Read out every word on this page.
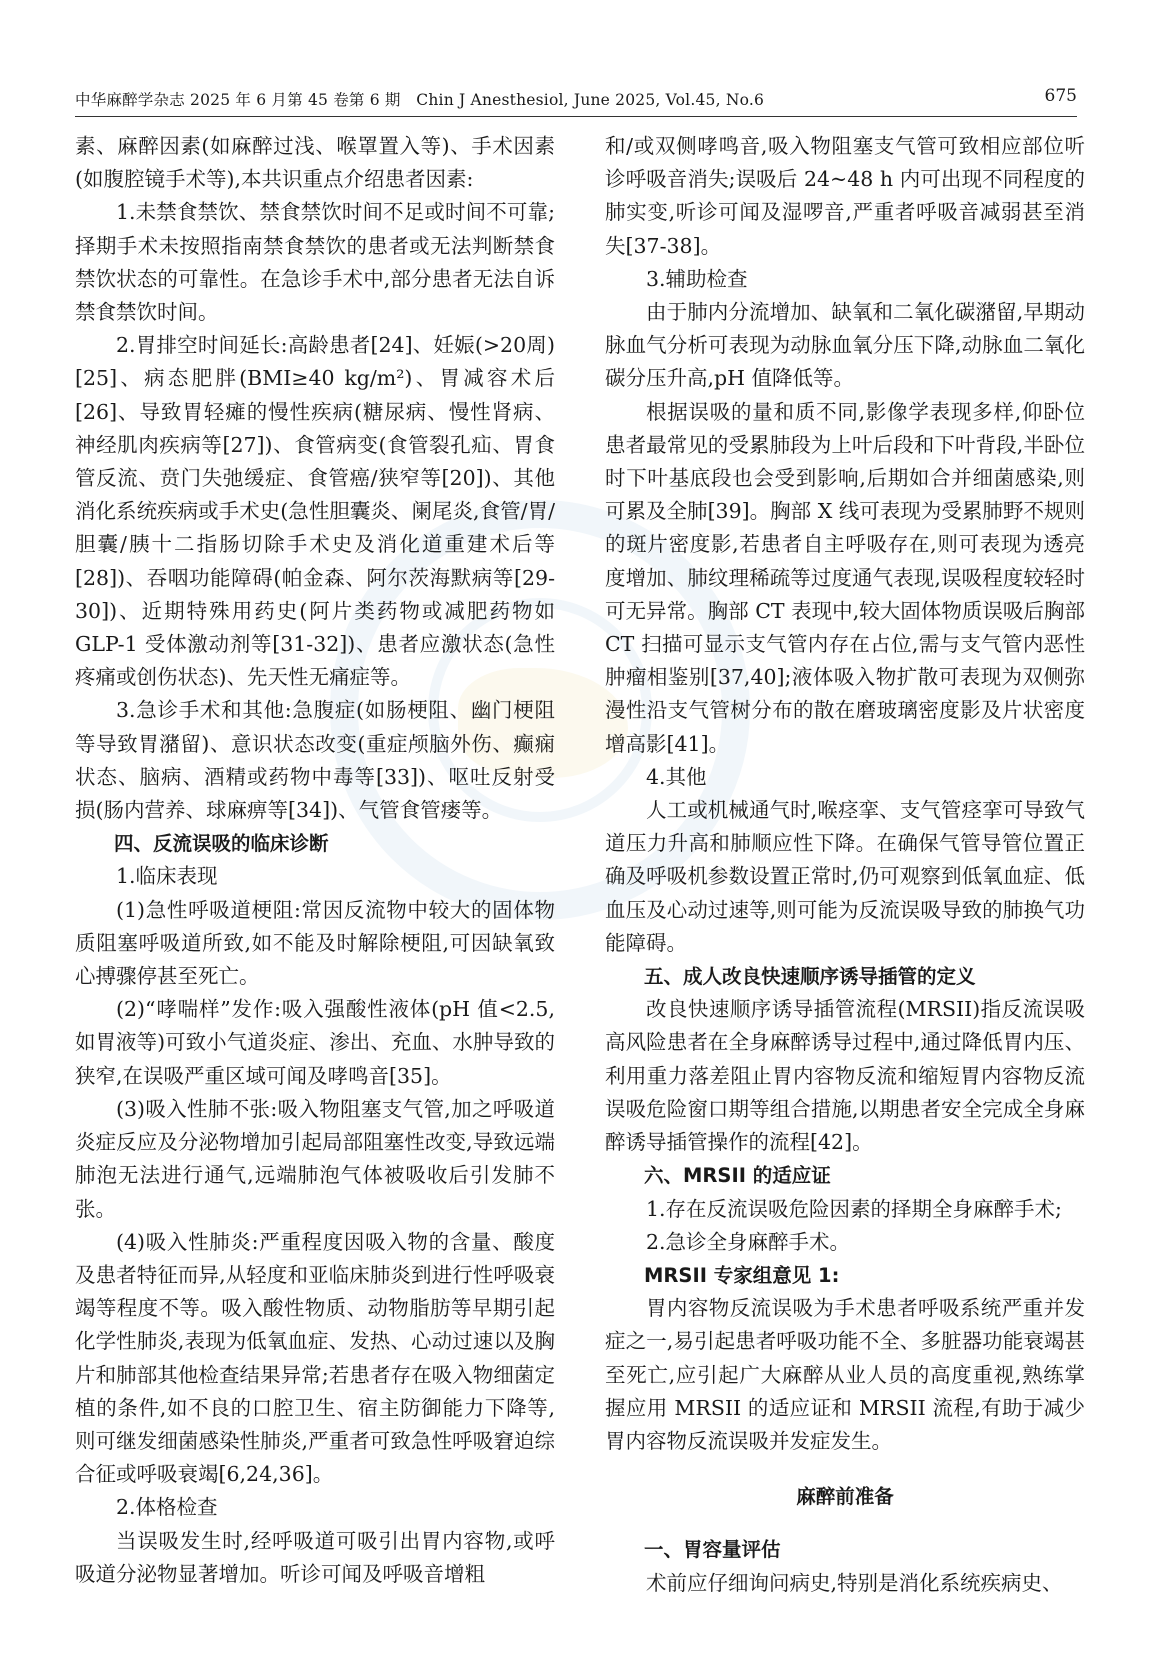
中华麻醉学杂志 2025 年 6 月第 45 卷第 6 期　Chin J Anesthesiol, June 2025, Vol.45, No.6	675

素、麻醉因素(如麻醉过浅、喉罩置入等)、手术因素(如腹腔镜手术等),本共识重点介绍患者因素:

1.未禁食禁饮、禁食禁饮时间不足或时间不可靠;择期手术未按照指南禁食禁饮的患者或无法判断禁食禁饮状态的可靠性。在急诊手术中,部分患者无法自诉禁食禁饮时间。

2.胃排空时间延长:高龄患者[24]、妊娠(>20周)[25]、病态肥胖(BMI≥40 kg/m²)、胃减容术后[26]、导致胃轻瘫的慢性疾病(糖尿病、慢性肾病、神经肌肉疾病等[27])、食管病变(食管裂孔疝、胃食管反流、贲门失弛缓症、食管癌/狭窄等[20])、其他消化系统疾病或手术史(急性胆囊炎、阑尾炎,食管/胃/胆囊/胰十二指肠切除手术史及消化道重建术后等[28])、吞咽功能障碍(帕金森、阿尔茨海默病等[29-30])、近期特殊用药史(阿片类药物或减肥药物如 GLP-1 受体激动剂等[31-32])、患者应激状态(急性疼痛或创伤状态)、先天性无痛症等。

3.急诊手术和其他:急腹症(如肠梗阻、幽门梗阻等导致胃潴留)、意识状态改变(重症颅脑外伤、癫痫状态、脑病、酒精或药物中毒等[33])、呕吐反射受损(肠内营养、球麻痹等[34])、气管食管瘘等。

四、反流误吸的临床诊断

1.临床表现

(1)急性呼吸道梗阻:常因反流物中较大的固体物质阻塞呼吸道所致,如不能及时解除梗阻,可因缺氧致心搏骤停甚至死亡。

(2)“哮喘样”发作:吸入强酸性液体(pH 值<2.5,如胃液等)可致小气道炎症、渗出、充血、水肿导致的狭窄,在误吸严重区域可闻及哮鸣音[35]。

(3)吸入性肺不张:吸入物阻塞支气管,加之呼吸道炎症反应及分泌物增加引起局部阻塞性改变,导致远端肺泡无法进行通气,远端肺泡气体被吸收后引发肺不张。

(4)吸入性肺炎:严重程度因吸入物的含量、酸度及患者特征而异,从轻度和亚临床肺炎到进行性呼吸衰竭等程度不等。吸入酸性物质、动物脂肪等早期引起化学性肺炎,表现为低氧血症、发热、心动过速以及胸片和肺部其他检查结果异常;若患者存在吸入物细菌定植的条件,如不良的口腔卫生、宿主防御能力下降等,则可继发细菌感染性肺炎,严重者可致急性呼吸窘迫综合征或呼吸衰竭[6,24,36]。

2.体格检查

当误吸发生时,经呼吸道可吸引出胃内容物,或呼吸道分泌物显著增加。听诊可闻及呼吸音增粗

和/或双侧哮鸣音,吸入物阻塞支气管可致相应部位听诊呼吸音消失;误吸后 24~48 h 内可出现不同程度的肺实变,听诊可闻及湿啰音,严重者呼吸音减弱甚至消失[37-38]。

3.辅助检查

由于肺内分流增加、缺氧和二氧化碳潴留,早期动脉血气分析可表现为动脉血氧分压下降,动脉血二氧化碳分压升高,pH 值降低等。

根据误吸的量和质不同,影像学表现多样,仰卧位患者最常见的受累肺段为上叶后段和下叶背段,半卧位时下叶基底段也会受到影响,后期如合并细菌感染,则可累及全肺[39]。胸部 X 线可表现为受累肺野不规则的斑片密度影,若患者自主呼吸存在,则可表现为透亮度增加、肺纹理稀疏等过度通气表现,误吸程度较轻时可无异常。胸部 CT 表现中,较大固体物质误吸后胸部 CT 扫描可显示支气管内存在占位,需与支气管内恶性肿瘤相鉴别[37,40];液体吸入物扩散可表现为双侧弥漫性沿支气管树分布的散在磨玻璃密度影及片状密度增高影[41]。

4.其他

人工或机械通气时,喉痉挛、支气管痉挛可导致气道压力升高和肺顺应性下降。在确保气管导管位置正确及呼吸机参数设置正常时,仍可观察到低氧血症、低血压及心动过速等,则可能为反流误吸导致的肺换气功能障碍。

五、成人改良快速顺序诱导插管的定义

改良快速顺序诱导插管流程(MRSII)指反流误吸高风险患者在全身麻醉诱导过程中,通过降低胃内压、利用重力落差阻止胃内容物反流和缩短胃内容物反流误吸危险窗口期等组合措施,以期患者安全完成全身麻醉诱导插管操作的流程[42]。

六、MRSII 的适应证

1.存在反流误吸危险因素的择期全身麻醉手术;

2.急诊全身麻醉手术。

MRSII 专家组意见 1:

胃内容物反流误吸为手术患者呼吸系统严重并发症之一,易引起患者呼吸功能不全、多脏器功能衰竭甚至死亡,应引起广大麻醉从业人员的高度重视,熟练掌握应用 MRSII 的适应证和 MRSII 流程,有助于减少胃内容物反流误吸并发症发生。

麻醉前准备

一、胃容量评估

术前应仔细询问病史,特别是消化系统疾病史、
